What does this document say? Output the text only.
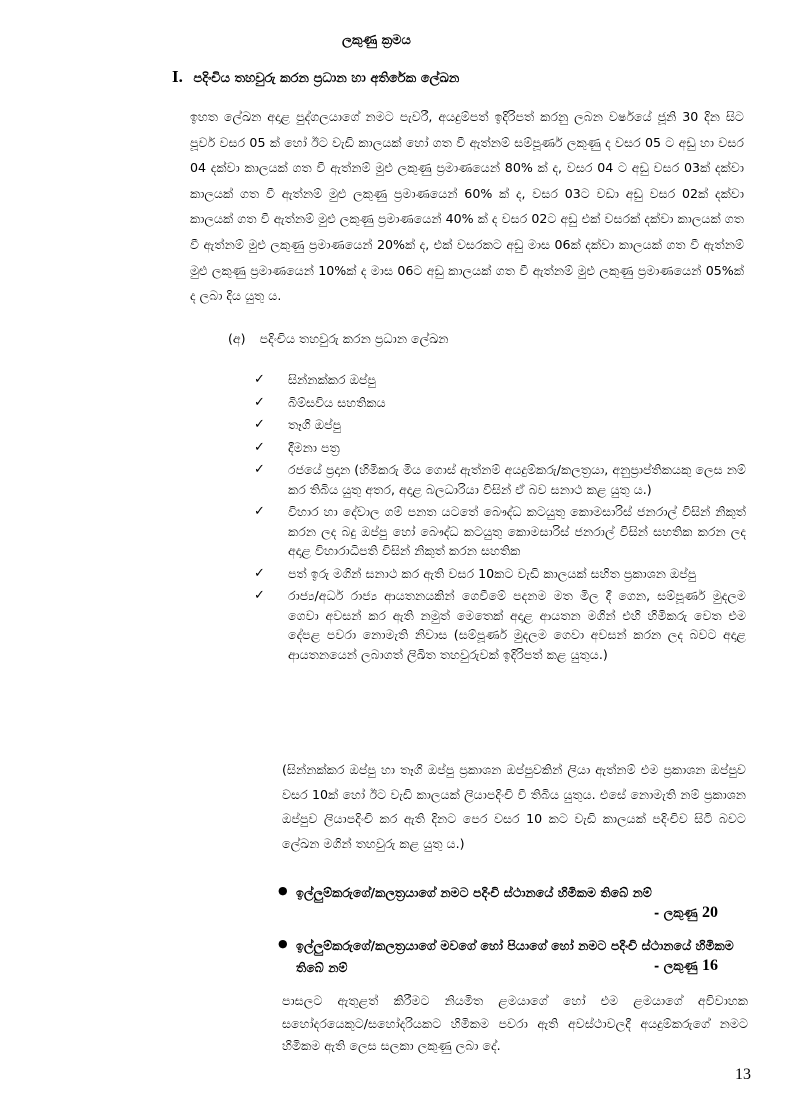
ලකුණු ක්‍රමය
I. පදිංචිය තහවුරු කරන ප්‍රධාන හා අතිරේක ලේඛන
ඉහත ලේඛන අදාළ පුද්ගලයාගේ නමට පැවරී, අයදුම්පත් ඉදිරිපත් කරනු ලබන වර්ෂයේ ජූනි 30 දින සිට පූර්ව වසර 05 ක් හෝ ඊට වැඩි කාලයක් හෝ ගත වී ඇත්නම් සම්පූර්ණ ලකුණු ද වසර 05 ට අඩු හා වසර 04 දක්වා කාලයක් ගත වී ඇත්නම් මුළු ලකුණු ප්‍රමාණයෙන් 80% ක් ද, වසර 04 ට අඩු වසර 03ක් දක්වා කාලයක් ගත වී ඇත්නම් මුළු ලකුණු ප්‍රමාණයෙන් 60% ක් ද, වසර 03ට වඩා අඩු වසර 02ක් දක්වා කාලයක් ගත වී ඇත්නම් මුළු ලකුණු ප්‍රමාණයෙන් 40% ක් ද වසර 02ට අඩු එක් වසරක් දක්වා කාලයක් ගත වී ඇත්නම් මුළු ලකුණු ප්‍රමාණයෙන් 20%ක් ද, එක් වසරකට අඩු මාස 06ක් දක්වා කාලයක් ගත වී ඇත්නම් මුළු ලකුණු ප්‍රමාණයෙන් 10%ක් ද මාස 06ට අඩු කාලයක් ගත වී ඇත්නම් මුළු ලකුණු ප්‍රමාණයෙන් 05%ක් ද ලබා දිය යුතු ය.
(අ) පදිංචිය තහවුරු කරන ප්‍රධාන ලේඛන
✓ සින්නක්කර ඔප්පු
✓ බිම්සවිය සහතිකය
✓ තෑගි ඔප්පු
✓ දීමනා පත්‍ර
✓ රජයේ ප්‍රදාන (හිමිකරු මිය ගොස් ඇත්නම් අයදුම්කරු/කලත්‍රයා, අනුප්‍රාප්තිකයකු ලෙස නම් කර තිබිය යුතු අතර, අදාළ බලධාරියා විසින් ඒ බව සනාථ කළ යුතු ය.)
✓ විහාර හා දේවාල ගම් පනත යටතේ බෞද්ධ කටයුතු කොමසාරිස් ජනරාල් විසින් නිකුත් කරන ලද බදු ඔප්පු හෝ බෞද්ධ කටයුතු කොමසාරිස් ජනරාල් විසින් සහතික කරන ලද අදාළ විහාරාධිපති විසින් නිකුත් කරන සහතික
✓ පත් ඉරු මගින් සනාථ කර ඇති වසර 10කට වැඩි කාලයක් සහිත ප්‍රකාශන ඔප්පු
✓ රාජ්‍ය/අර්ධ රාජ්‍ය ආයතනයකින් ගෙවීමේ පදනම මත මිල දී ගෙන, සම්පූර්ණ මුදලම ගෙවා අවසන් කර ඇති නමුත් මෙතෙක් අදාළ ආයතන මගින් එහි හිමිකරු වෙත එම දේපළ පවරා නොමැති නිවාස (සම්පූර්ණ මුදලම ගෙවා අවසන් කරන ලද බවට අදාළ ආයතනයෙන් ලබාගත් ලිඛිත තහවුරුවක් ඉදිරිපත් කළ යුතුය.)
(සින්නක්කර ඔප්පු හා තෑගි ඔප්පු ප්‍රකාශන ඔප්පුවකින් ලියා ඇත්නම් එම ප්‍රකාශන ඔප්පුව වසර 10ක් හෝ ඊට වැඩි කාලයක් ලියාපදිංචි වී තිබිය යුතුය. එසේ නොමැති නම් ප්‍රකාශන ඔප්පුව ලියාපදිංචි කර ඇති දිනට පෙර වසර 10 කට වැඩි කාලයක් පදිංචිව සිටි බවට ලේඛන මගින් තහවුරු කළ යුතු ය.)
● ඉල්ලුම්කරුගේ/කලත්‍රයාගේ නමට පදිංචි ස්ථානයේ හිමිකම තිබේ නම්
- ලකුණු 20
● ඉල්ලුම්කරුගේ/කලත්‍රයාගේ මවගේ හෝ පියාගේ හෝ නමට පදිංචි ස්ථානයේ හිමිකම තිබේ නම්	- ලකුණු 16
පාසලට ඇතුළත් කිරීමට නියමිත ළමයාගේ හෝ එම ළමයාගේ අවිවාහක සහෝදරයෙකුට/සහෝදරියකට හිමිකම පවරා ඇති අවස්ථාවලදී අයදුම්කරුගේ නමට හිමිකම ඇති ලෙස සලකා ලකුණු ලබා දේ.
13
